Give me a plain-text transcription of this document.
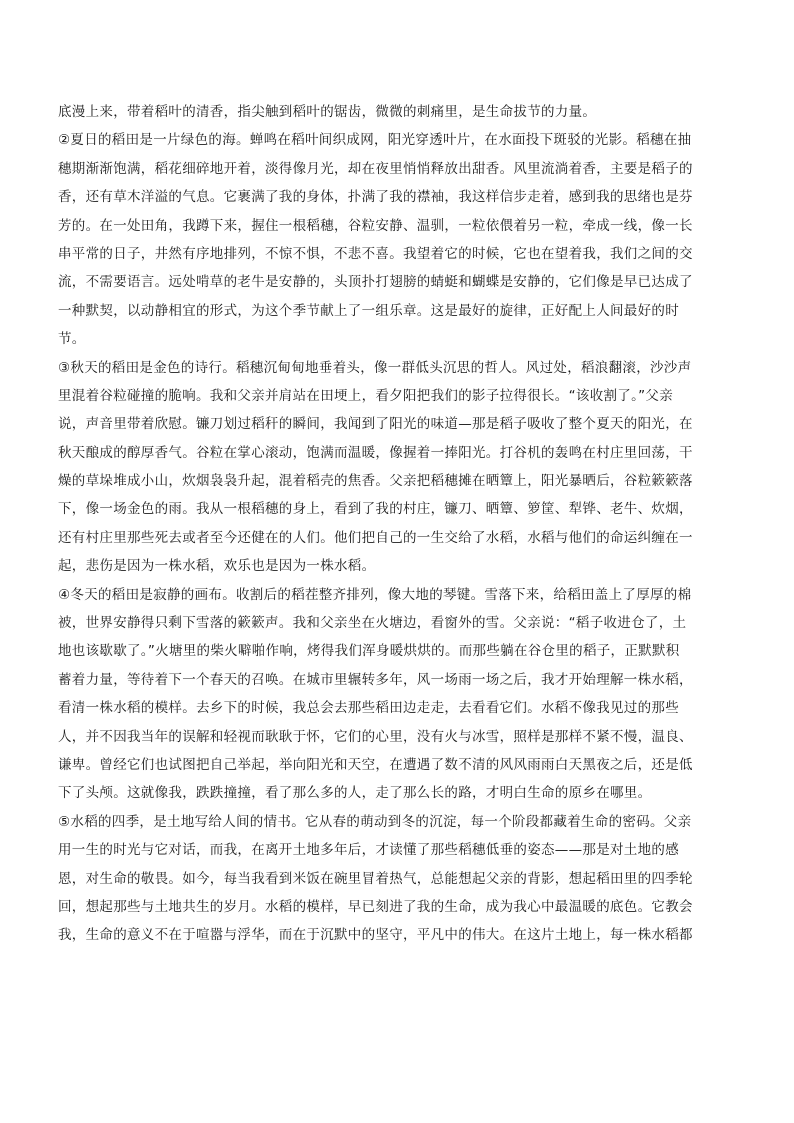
底漫上来，带着稻叶的清香，指尖触到稻叶的锯齿，微微的刺痛里，是生命拔节的力量。
②夏日的稻田是一片绿色的海。蝉鸣在稻叶间织成网，阳光穿透叶片，在水面投下斑驳的光影。稻穗在抽
穗期渐渐饱满，稻花细碎地开着，淡得像月光，却在夜里悄悄释放出甜香。风里流淌着香，主要是稻子的
香，还有草木洋溢的气息。它裹满了我的身体，扑满了我的襟袖，我这样信步走着，感到我的思绪也是芬
芳的。在一处田角，我蹲下来，握住一根稻穗，谷粒安静、温驯，一粒依偎着另一粒，牵成一线，像一长
串平常的日子，井然有序地排列，不惊不惧，不悲不喜。我望着它的时候，它也在望着我，我们之间的交
流，不需要语言。远处啃草的老牛是安静的，头顶扑打翅膀的蜻蜓和蝴蝶是安静的，它们像是早已达成了
一种默契，以动静相宜的形式，为这个季节献上了一组乐章。这是最好的旋律，正好配上人间最好的时
节。
③秋天的稻田是金色的诗行。稻穗沉甸甸地垂着头，像一群低头沉思的哲人。风过处，稻浪翻滚，沙沙声
里混着谷粒碰撞的脆响。我和父亲并肩站在田埂上，看夕阳把我们的影子拉得很长。“该收割了。”父亲
说，声音里带着欣慰。镰刀划过稻秆的瞬间，我闻到了阳光的味道—那是稻子吸收了整个夏天的阳光，在
秋天酿成的醇厚香气。谷粒在掌心滚动，饱满而温暖，像握着一捧阳光。打谷机的轰鸣在村庄里回荡，干
燥的草垛堆成小山，炊烟袅袅升起，混着稻壳的焦香。父亲把稻穗摊在晒簟上，阳光暴晒后，谷粒簌簌落
下，像一场金色的雨。我从一根稻穗的身上，看到了我的村庄，镰刀、晒簟、箩筐、犁铧、老牛、炊烟，
还有村庄里那些死去或者至今还健在的人们。他们把自己的一生交给了水稻，水稻与他们的命运纠缠在一
起，悲伤是因为一株水稻，欢乐也是因为一株水稻。
④冬天的稻田是寂静的画布。收割后的稻茬整齐排列，像大地的琴键。雪落下来，给稻田盖上了厚厚的棉
被，世界安静得只剩下雪落的簌簌声。我和父亲坐在火塘边，看窗外的雪。父亲说：“稻子收进仓了，土
地也该歇歇了。”火塘里的柴火噼啪作响，烤得我们浑身暖烘烘的。而那些躺在谷仓里的稻子，正默默积
蓄着力量，等待着下一个春天的召唤。在城市里辗转多年，风一场雨一场之后，我才开始理解一株水稻，
看清一株水稻的模样。去乡下的时候，我总会去那些稻田边走走，去看看它们。水稻不像我见过的那些
人，并不因我当年的误解和轻视而耿耿于怀，它们的心里，没有火与冰雪，照样是那样不紧不慢，温良、
谦卑。曾经它们也试图把自己举起，举向阳光和天空，在遭遇了数不清的风风雨雨白天黑夜之后，还是低
下了头颅。这就像我，跌跌撞撞，看了那么多的人，走了那么长的路，才明白生命的原乡在哪里。
⑤水稻的四季，是土地写给人间的情书。它从春的萌动到冬的沉淀，每一个阶段都藏着生命的密码。父亲
用一生的时光与它对话，而我，在离开土地多年后，才读懂了那些稻穗低垂的姿态——那是对土地的感
恩，对生命的敬畏。如今，每当我看到米饭在碗里冒着热气，总能想起父亲的背影，想起稻田里的四季轮
回，想起那些与土地共生的岁月。水稻的模样，早已刻进了我的生命，成为我心中最温暖的底色。它教会
我，生命的意义不在于喧嚣与浮华，而在于沉默中的坚守，平凡中的伟大。在这片土地上，每一株水稻都
